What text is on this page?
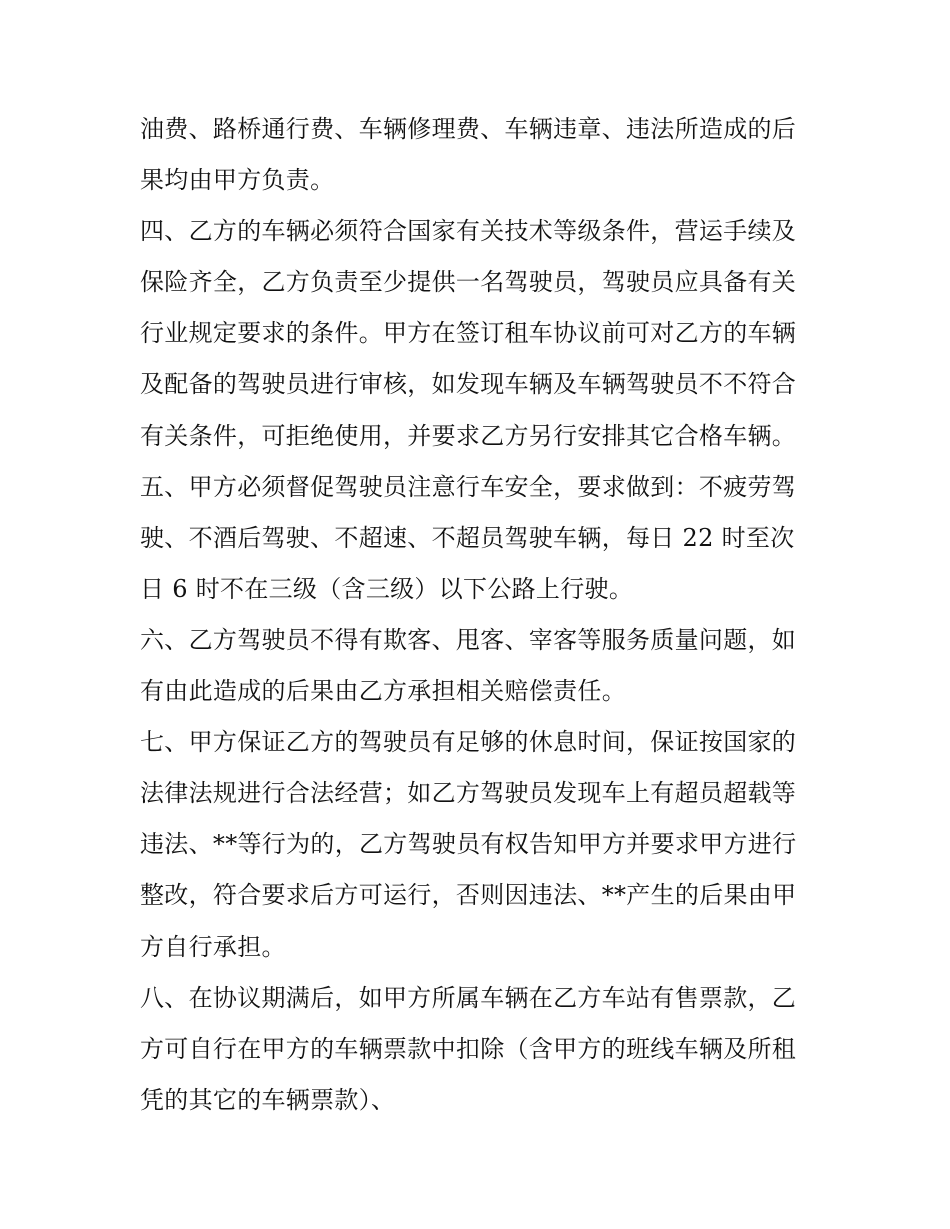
油费、路桥通行费、车辆修理费、车辆违章、违法所造成的后
果均由甲方负责。
四、乙方的车辆必须符合国家有关技术等级条件，营运手续及
保险齐全，乙方负责至少提供一名驾驶员，驾驶员应具备有关
行业规定要求的条件。甲方在签订租车协议前可对乙方的车辆
及配备的驾驶员进行审核，如发现车辆及车辆驾驶员不不符合
有关条件，可拒绝使用，并要求乙方另行安排其它合格车辆。
五、甲方必须督促驾驶员注意行车安全，要求做到：不疲劳驾
驶、不酒后驾驶、不超速、不超员驾驶车辆，每日 22 时至次
日 6 时不在三级（含三级）以下公路上行驶。
六、乙方驾驶员不得有欺客、甩客、宰客等服务质量问题，如
有由此造成的后果由乙方承担相关赔偿责任。
七、甲方保证乙方的驾驶员有足够的休息时间，保证按国家的
法律法规进行合法经营；如乙方驾驶员发现车上有超员超载等
违法、**等行为的，乙方驾驶员有权告知甲方并要求甲方进行
整改，符合要求后方可运行，否则因违法、**产生的后果由甲
方自行承担。
八、在协议期满后，如甲方所属车辆在乙方车站有售票款，乙
方可自行在甲方的车辆票款中扣除（含甲方的班线车辆及所租
凭的其它的车辆票款）、
